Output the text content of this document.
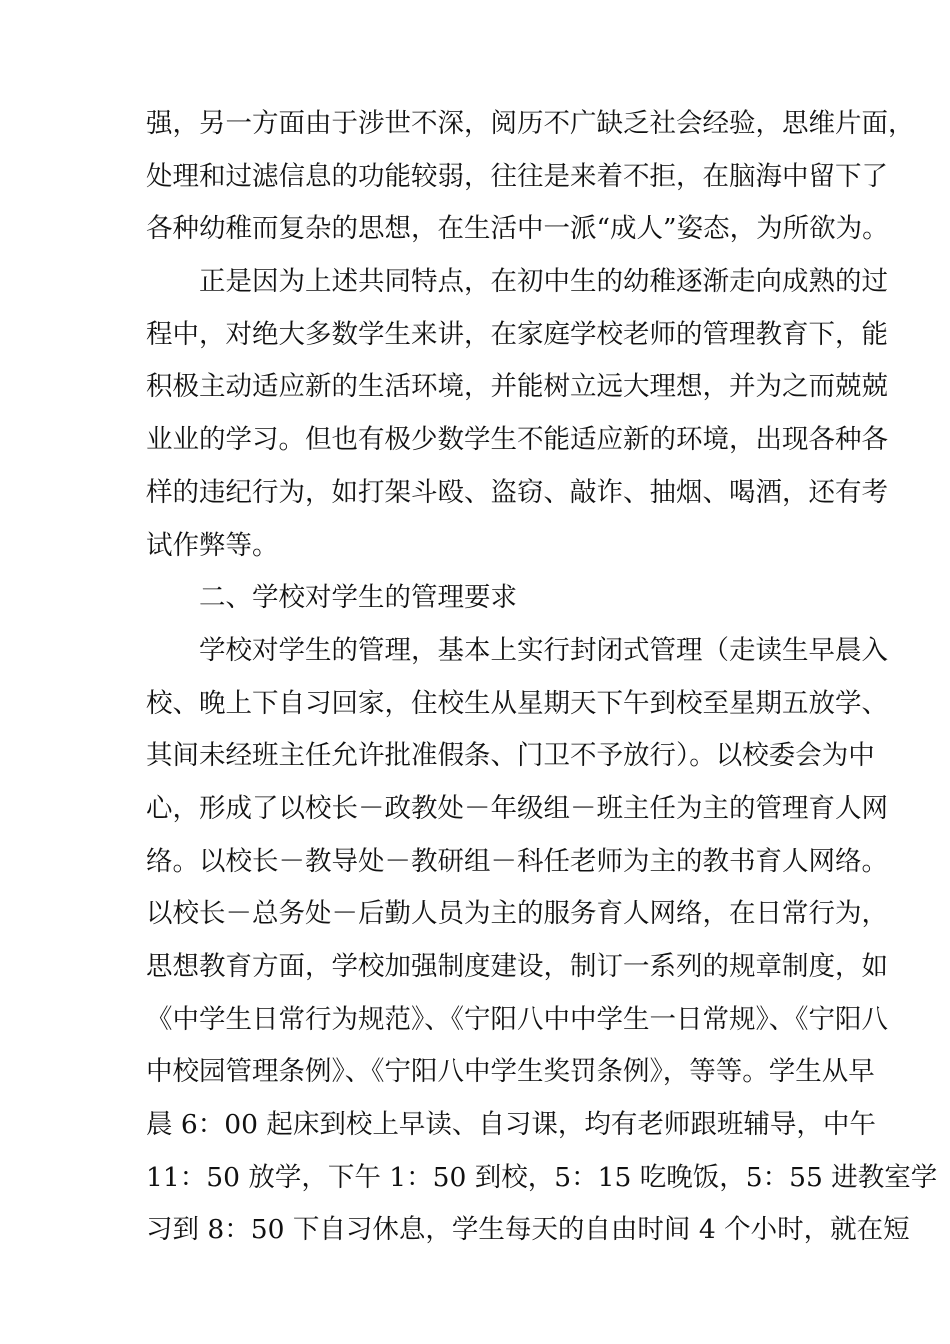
强，另一方面由于涉世不深，阅历不广缺乏社会经验，思维片面，
处理和过滤信息的功能较弱，往往是来着不拒，在脑海中留下了
各种幼稚而复杂的思想，在生活中一派“成人”姿态，为所欲为。
正是因为上述共同特点，在初中生的幼稚逐渐走向成熟的过
程中，对绝大多数学生来讲，在家庭学校老师的管理教育下，能
积极主动适应新的生活环境，并能树立远大理想，并为之而兢兢
业业的学习。但也有极少数学生不能适应新的环境，出现各种各
样的违纪行为，如打架斗殴、盗窃、敲诈、抽烟、喝酒，还有考
试作弊等。
二、学校对学生的管理要求
学校对学生的管理，基本上实行封闭式管理（走读生早晨入
校、晚上下自习回家，住校生从星期天下午到校至星期五放学、
其间未经班主任允许批准假条、门卫不予放行）。以校委会为中
心，形成了以校长－政教处－年级组－班主任为主的管理育人网
络。以校长－教导处－教研组－科任老师为主的教书育人网络。
以校长－总务处－后勤人员为主的服务育人网络，在日常行为，
思想教育方面，学校加强制度建设，制订一系列的规章制度，如
《中学生日常行为规范》、《宁阳八中中学生一日常规》、《宁阳八
中校园管理条例》、《宁阳八中学生奖罚条例》，等等。学生从早
晨 6：00 起床到校上早读、自习课，均有老师跟班辅导，中午
11：50 放学，下午 1：50 到校，5：15 吃晚饭，5：55 进教室学
习到 8：50 下自习休息，学生每天的自由时间 4 个小时，就在短
